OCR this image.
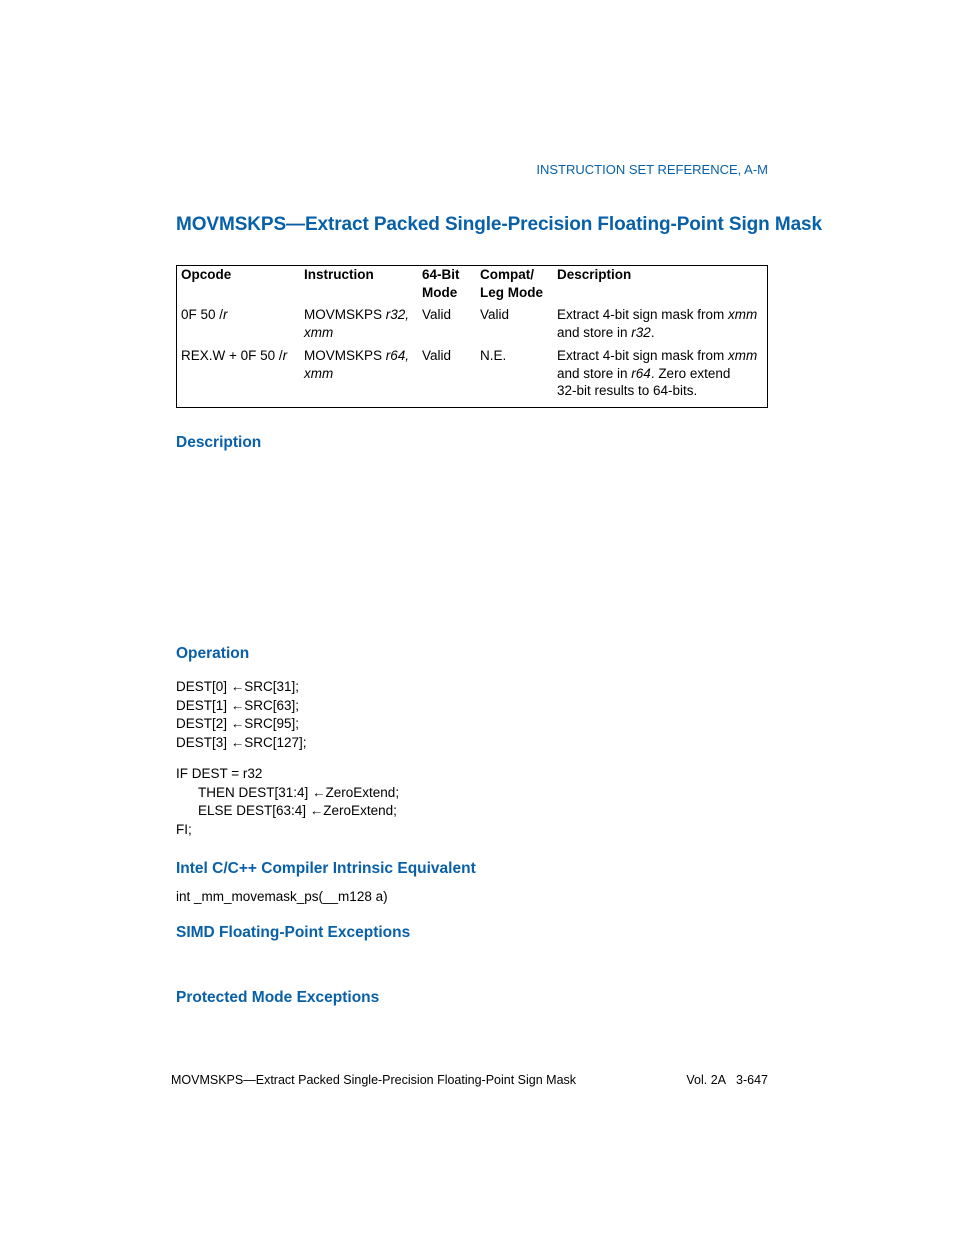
INSTRUCTION SET REFERENCE, A-M
MOVMSKPS—Extract Packed Single-Precision Floating-Point Sign Mask
Opcode	Instruction	64-Bit Mode	Compat/ Leg Mode	Description
0F 50 /r	MOVMSKPS r32, xmm	Valid	Valid	Extract 4-bit sign mask from xmm
and store in r32.
REX.W + 0F 50 /r	MOVMSKPS r64, xmm	Valid	N.E.	Extract 4-bit sign mask from xmm
and store in r64. Zero extend
32-bit results to 64-bits.
Description
Operation
DEST[0] ←SRC[31];
DEST[1] ←SRC[63];
DEST[2] ←SRC[95];
DEST[3] ←SRC[127];
IF DEST = r32
THEN DEST[31:4] ←ZeroExtend;
ELSE DEST[63:4] ←ZeroExtend;
FI;
Intel C/C++ Compiler Intrinsic Equivalent
int _mm_movemask_ps(__m128 a)
SIMD Floating-Point Exceptions
Protected Mode Exceptions
MOVMSKPS—Extract Packed Single-Precision Floating-Point Sign Mask	Vol. 2A 3-647
